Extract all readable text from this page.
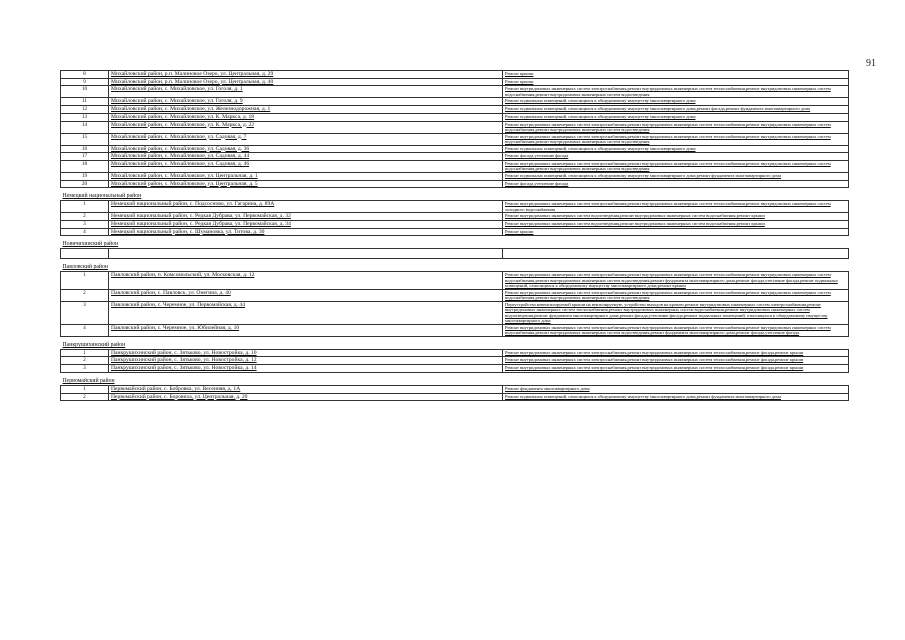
91
8	Михайловский район, р.п. Малиновое Озеро, ул. Центральная, д. 29	Ремонт крыши
9	Михайловский район, р.п. Малиновое Озеро, ул. Центральная, д. 40	Ремонт крыши
10	Михайловский район, с. Михайловское, ул. Гоголя, д. 1	Ремонт внутридомовых инженерных систем электроснабжения,ремонт внутридомовых инженерных систем теплоснабжения,ремонт внутридомовых инженерных систем водоснабжения,ремонт внутридомовых инженерных систем водоотведения
11	Михайловский район, с. Михайловское, ул. Гоголя, д. 9	Ремонт подвальных помещений, относящихся к общедомовому имуществу многоквартирного дома
12	Михайловский район, с. Михайловское, ул. Железнодорожная, д. 1	Ремонт подвальных помещений, относящихся к общедомовому имуществу многоквартирного дома,ремонт фасада,ремонт фундамента многоквартирного дома
13	Михайловский район, с. Михайловское, ул. К. Маркса, д. 18	Ремонт подвальных помещений, относящихся к общедомовому имуществу многоквартирного дома
14	Михайловский район, с. Михайловское, ул. К. Маркса, д. 22	Ремонт внутридомовых инженерных систем электроснабжения,ремонт внутридомовых инженерных систем теплоснабжения,ремонт внутридомовых инженерных систем водоснабжения,ремонт внутридомовых инженерных систем водоотведения
15	Михайловский район, с. Михайловское, ул. Садовая, д. 7	Ремонт внутридомовых инженерных систем электроснабжения,ремонт внутридомовых инженерных систем теплоснабжения,ремонт внутридомовых инженерных систем водоснабжения,ремонт внутридомовых инженерных систем водоотведения
16	Михайловский район, с. Михайловское, ул. Садовая, д. 36	Ремонт подвальных помещений, относящихся к общедомовому имуществу многоквартирного дома
17	Михайловский район, с. Михайловское, ул. Садовая, д. 44	Ремонт фасада,утепление фасада
18	Михайловский район, с. Михайловское, ул. Садовая, д. 46	Ремонт внутридомовых инженерных систем электроснабжения,ремонт внутридомовых инженерных систем теплоснабжения,ремонт внутридомовых инженерных систем водоснабжения,ремонт внутридомовых инженерных систем водоотведения
19	Михайловский район, с. Михайловское, ул. Центральная, д. 1	Ремонт подвальных помещений, относящихся к общедомовому имуществу многоквартирного дома,ремонт фундамента многоквартирного дома
20	Михайловский район, с. Михайловское, ул. Центральная, д. 5	Ремонт фасада,утепление фасада
Немецкий национальный район		
1	Немецкий национальный район, с. Подсосново, ул. Гагарина, д. 89А	Ремонт внутридомовых инженерных систем электроснабжения,ремонт внутридомовых инженерных систем теплоснабжения,ремонт внутридомовых инженерных систем холодного водоснабжения
2	Немецкий национальный район, с. Редкая Дубрава, ул. Первомайская, д. 32	Ремонт внутридомовых инженерных систем водоотведения,ремонт внутридомовых инженерных систем водоснабжения,ремонт крыши
3	Немецкий национальный район, с. Редкая Дубрава, ул. Первомайская, д. 34	Ремонт внутридомовых инженерных систем водоотведения,ремонт внутридомовых инженерных систем водоснабжения,ремонт крыши
4	Немецкий национальный район, с. Шумановка, ул. Титова, д. 30	Ремонт крыши
Новичихинский район		

Павловский район		
1	Павловский район, п. Комсомольский, ул. Московская, д. 12	Ремонт внутридомовых инженерных систем электроснабжения,ремонт внутридомовых инженерных систем теплоснабжения,ремонт внутридомовых инженерных систем водоснабжения,ремонт внутридомовых инженерных систем водоотведения,ремонт фундамента многоквартирного дома,ремонт фасада,утепление фасада,ремонт подвальных помещений, относящихся к общедомовому имуществу многоквартирного дома,ремонт крыши
2	Павловский район, с. Павловск, ул. Онегина, д. 40	Ремонт внутридомовых инженерных систем электроснабжения,ремонт внутридомовых инженерных систем теплоснабжения,ремонт внутридомовых инженерных систем водоснабжения,ремонт внутридомовых инженерных систем водоотведения
3	Павловский район, с. Черемное, ул. Первомайская, д. 44	Переустройство невентилируемой крыши на вентилируемую, устройство выходов на кровлю,ремонт внутридомовых инженерных систем электроснабжения,ремонт внутридомовых инженерных систем теплоснабжения,ремонт внутридомовых инженерных систем водоснабжения,ремонт внутридомовых инженерных систем водоотведения,ремонт фундамента многоквартирного дома,ремонт фасада,утепление фасада,ремонт подвальных помещений, относящихся к общедомовому имуществу многоквартирного дома
4	Павловский район, с. Черемное, ул. Юбилейная, д. 10	Ремонт внутридомовых инженерных систем электроснабжения,ремонт внутридомовых инженерных систем теплоснабжения,ремонт внутридомовых инженерных систем водоснабжения,ремонт внутридомовых инженерных систем водоотведения,ремонт фундамента многоквартирного дома,ремонт фасада,утепление фасада
Панкрушихинский район		
1	Панкрушихинский район, с. Зятьково, ул. Новостройка, д. 10	Ремонт внутридомовых инженерных систем электроснабжения,ремонт внутридомовых инженерных систем теплоснабжения,ремонт фасада,ремонт крыши
2	Панкрушихинский район, с. Зятьково, ул. Новостройка, д. 12	Ремонт внутридомовых инженерных систем электроснабжения,ремонт внутридомовых инженерных систем теплоснабжения,ремонт фасада,ремонт крыши
3	Панкрушихинский район, с. Зятьково, ул. Новостройка, д. 14	Ремонт внутридомовых инженерных систем электроснабжения,ремонт внутридомовых инженерных систем теплоснабжения,ремонт фасада,ремонт крыши
Первомайский район		
1	Первомайский район, с. Бобровка, ул. Весенняя, д. 1А	Ремонт фундамента многоквартирного дома
2	Первомайский район, с. Боровиха, ул. Центральная, д. 20	Ремонт подвальных помещений, относящихся к общедомовому имуществу многоквартирного дома,ремонт фундамента многоквартирного дома
